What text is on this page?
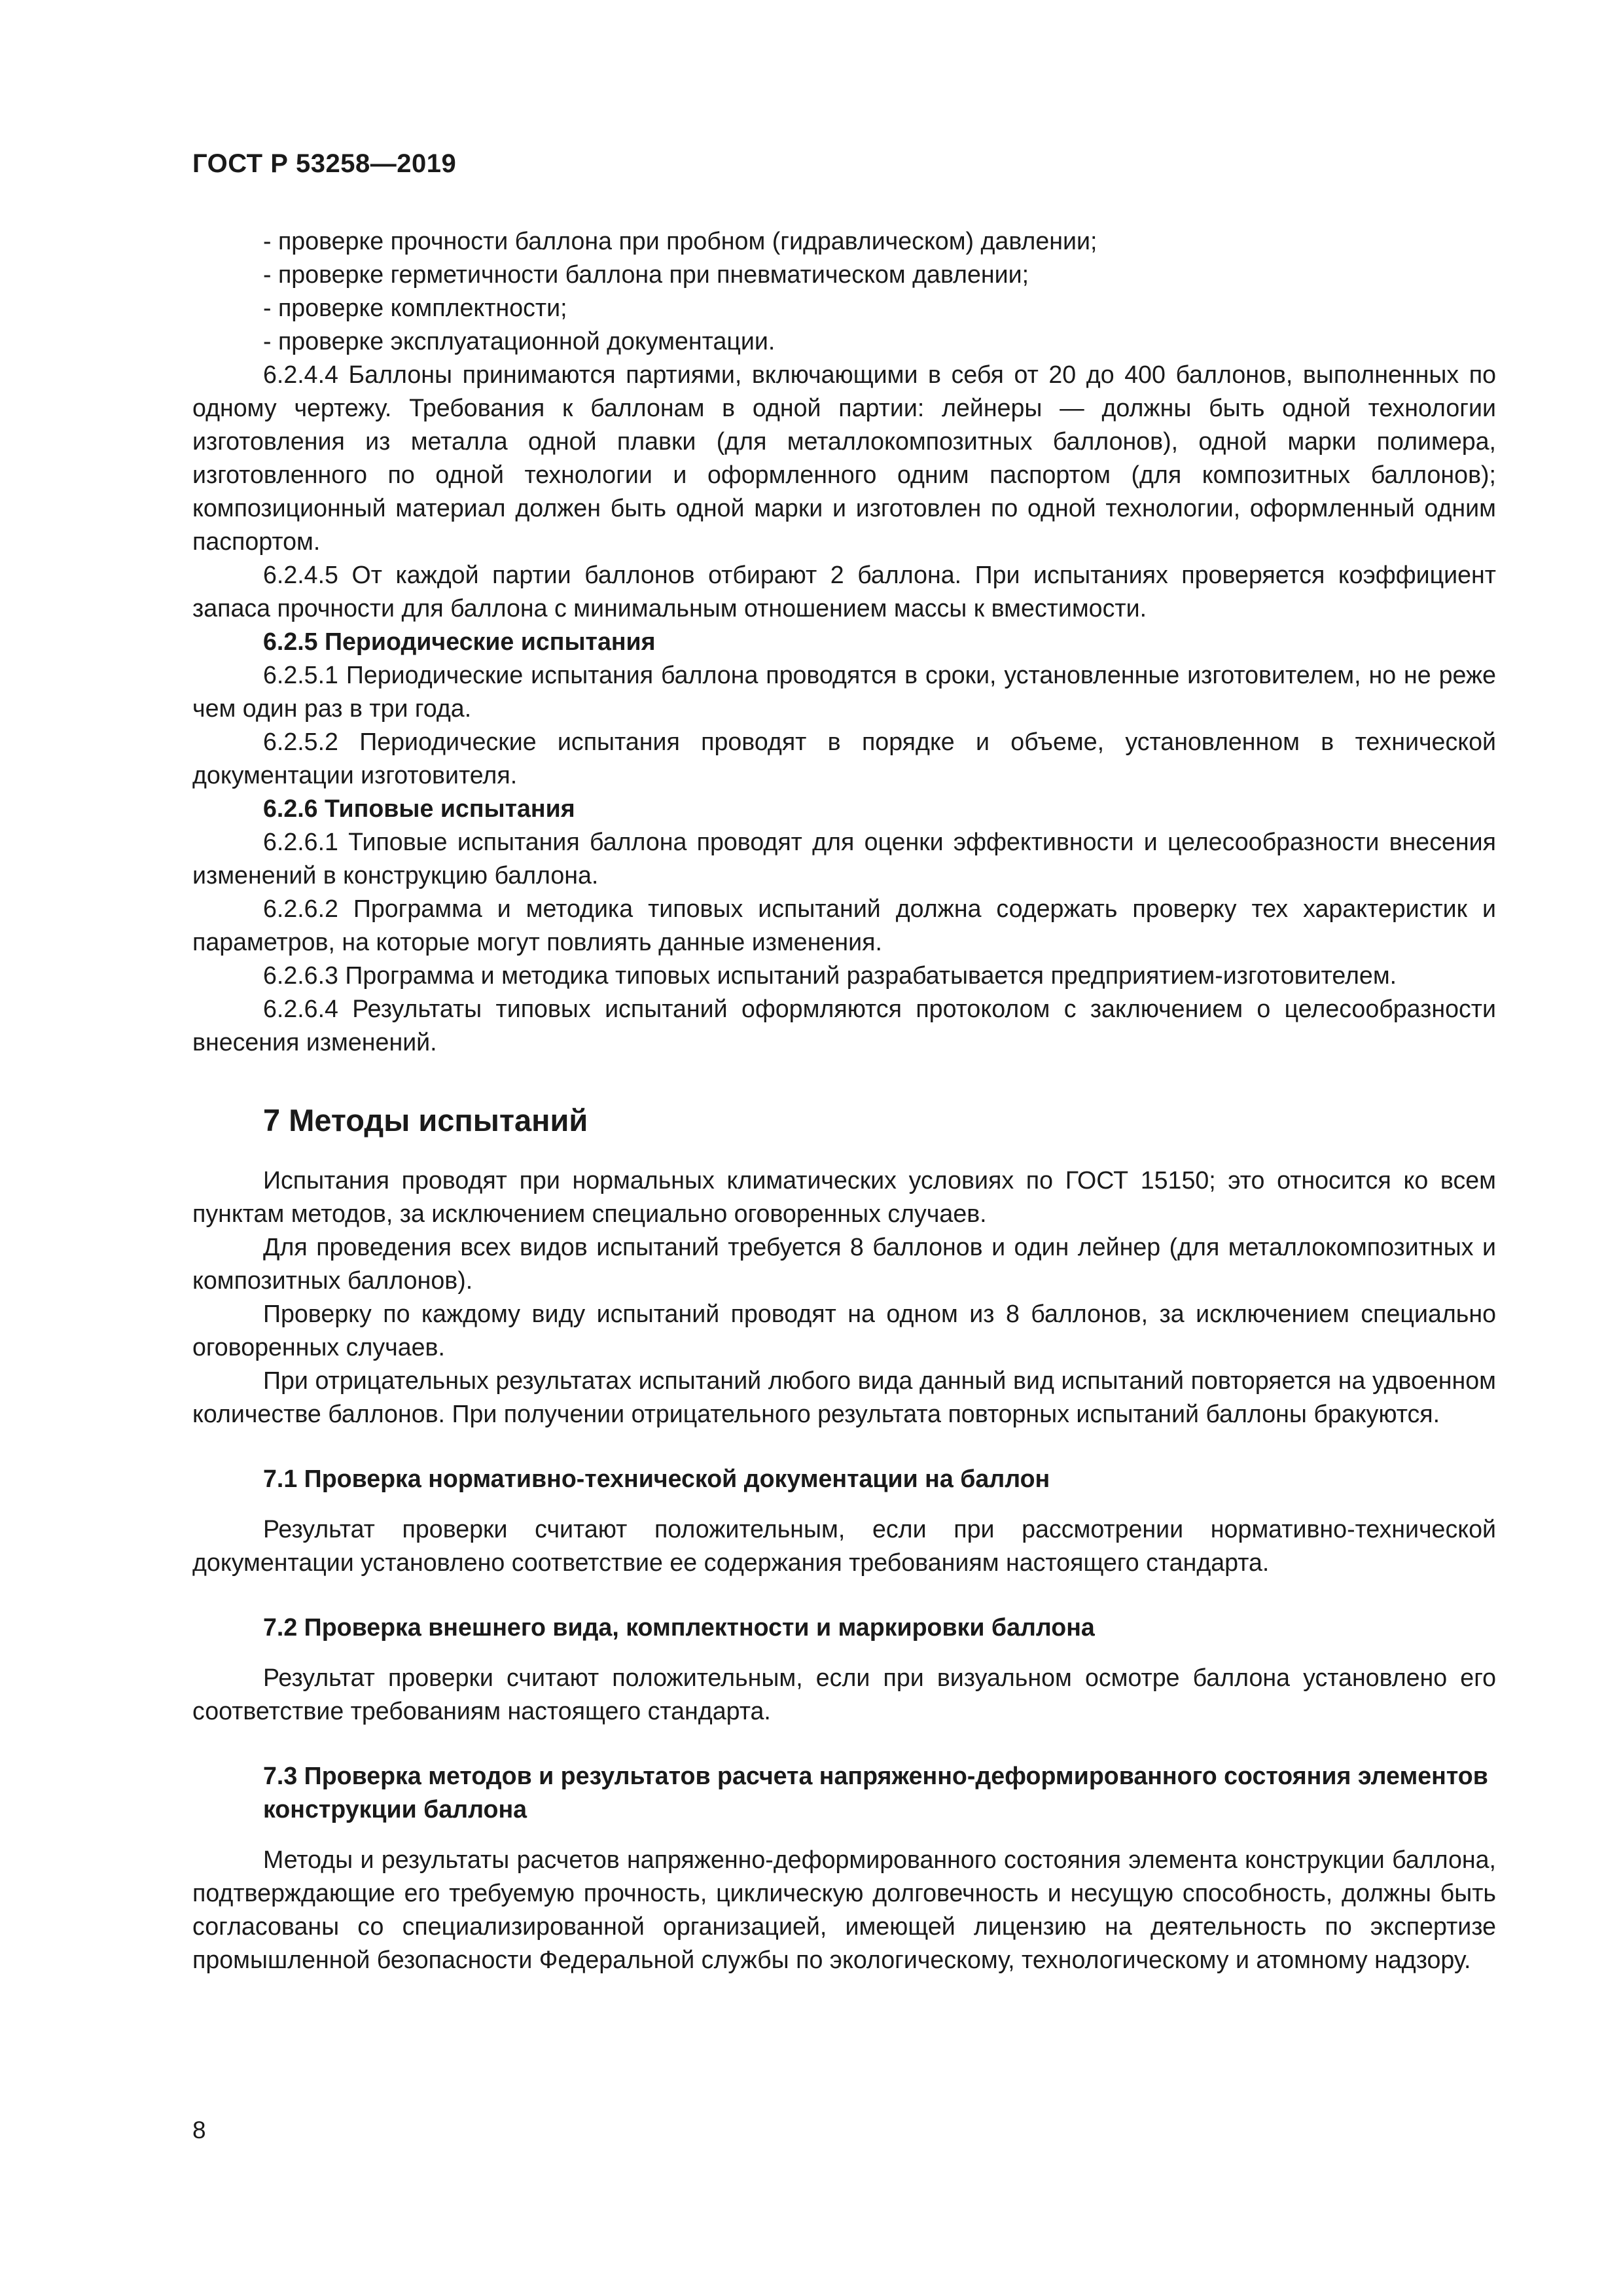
ГОСТ Р 53258—2019
- проверке прочности баллона при пробном (гидравлическом) давлении;
- проверке герметичности баллона при пневматическом давлении;
- проверке комплектности;
- проверке эксплуатационной документации.

6.2.4.4 Баллоны принимаются партиями, включающими в себя от 20 до 400 баллонов, выполненных по одному чертежу. Требования к баллонам в одной партии: лейнеры — должны быть одной технологии изготовления из металла одной плавки (для металлокомпозитных баллонов), одной марки полимера, изготовленного по одной технологии и оформленного одним паспортом (для композитных баллонов); композиционный материал должен быть одной марки и изготовлен по одной технологии, оформленный одним паспортом.

6.2.4.5 От каждой партии баллонов отбирают 2 баллона. При испытаниях проверяется коэффициент запаса прочности для баллона с минимальным отношением массы к вместимости.

6.2.5 Периодические испытания

6.2.5.1 Периодические испытания баллона проводятся в сроки, установленные изготовителем, но не реже чем один раз в три года.

6.2.5.2 Периодические испытания проводят в порядке и объеме, установленном в технической документации изготовителя.

6.2.6 Типовые испытания

6.2.6.1 Типовые испытания баллона проводят для оценки эффективности и целесообразности внесения изменений в конструкцию баллона.

6.2.6.2 Программа и методика типовых испытаний должна содержать проверку тех характеристик и параметров, на которые могут повлиять данные изменения.

6.2.6.3 Программа и методика типовых испытаний разрабатывается предприятием-изготовителем.

6.2.6.4 Результаты типовых испытаний оформляются протоколом с заключением о целесообразности внесения изменений.

7 Методы испытаний

Испытания проводят при нормальных климатических условиях по ГОСТ 15150; это относится ко всем пунктам методов, за исключением специально оговоренных случаев.

Для проведения всех видов испытаний требуется 8 баллонов и один лейнер (для металлокомпозитных и композитных баллонов).

Проверку по каждому виду испытаний проводят на одном из 8 баллонов, за исключением специально оговоренных случаев.

При отрицательных результатах испытаний любого вида данный вид испытаний повторяется на удвоенном количестве баллонов. При получении отрицательного результата повторных испытаний баллоны бракуются.

7.1 Проверка нормативно-технической документации на баллон

Результат проверки считают положительным, если при рассмотрении нормативно-технической документации установлено соответствие ее содержания требованиям настоящего стандарта.

7.2 Проверка внешнего вида, комплектности и маркировки баллона

Результат проверки считают положительным, если при визуальном осмотре баллона установлено его соответствие требованиям настоящего стандарта.

7.3 Проверка методов и результатов расчета напряженно-деформированного состояния элементов конструкции баллона

Методы и результаты расчетов напряженно-деформированного состояния элемента конструкции баллона, подтверждающие его требуемую прочность, циклическую долговечность и несущую способность, должны быть согласованы со специализированной организацией, имеющей лицензию на деятельность по экспертизе промышленной безопасности Федеральной службы по экологическому, технологическому и атомному надзору.

8
